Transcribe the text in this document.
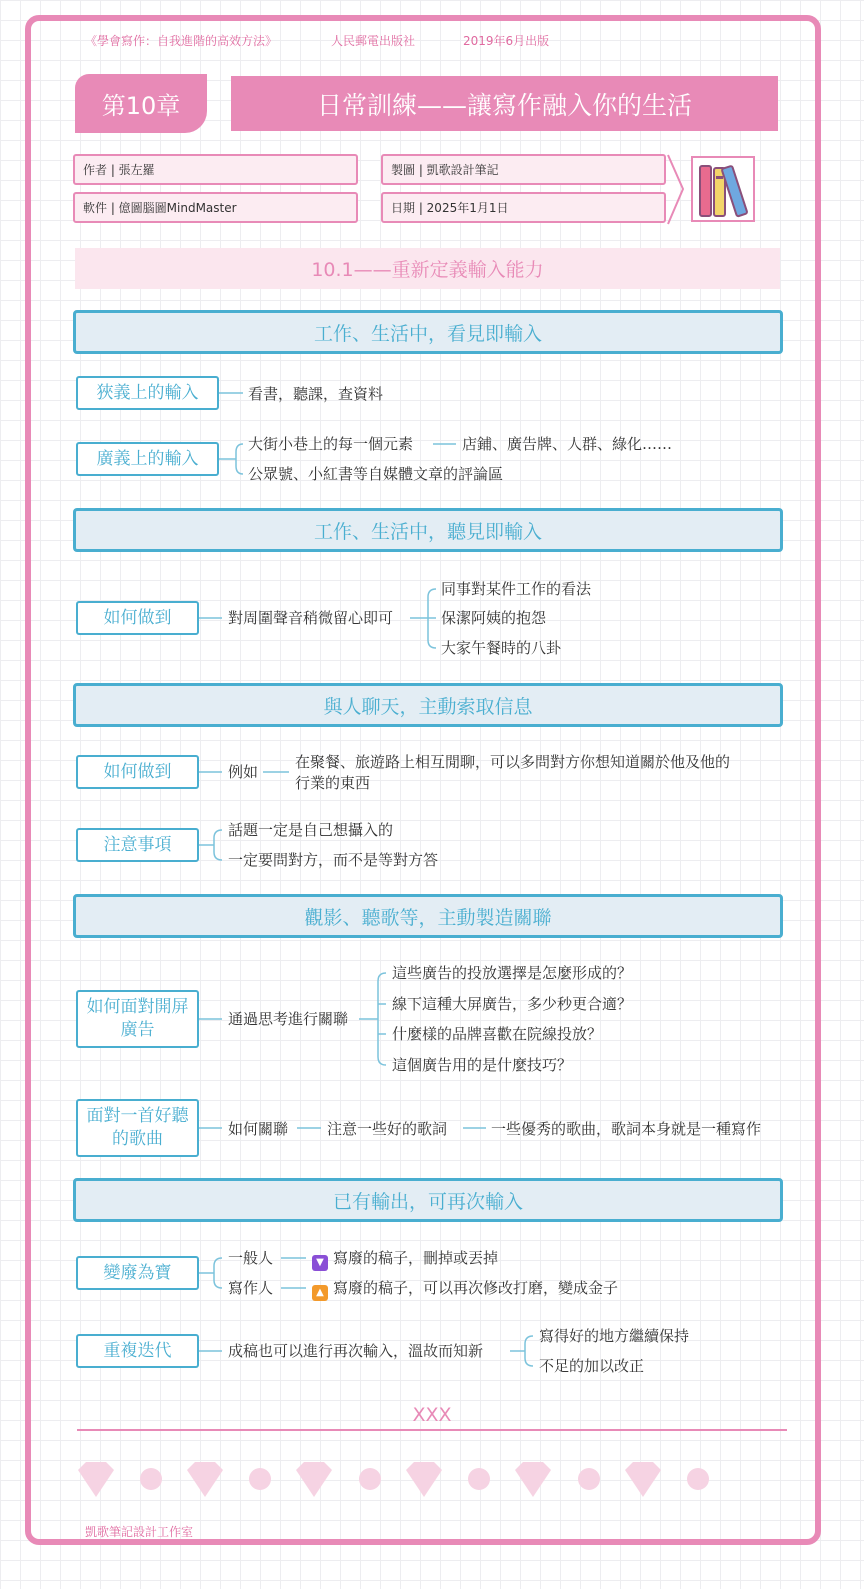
《學會寫作：自我進階的高效方法》	人民郵電出版社	2019年6月出版
第10章	日常訓練——讓寫作融入你的生活
作者 | 張左羅	製圖 | 凱歌設計筆記
軟件 | 億圖腦圖MindMaster	日期 | 2025年1月1日
10.1——重新定義輸入能力
工作、生活中，看見即輸入
狹義上的輸入	看書，聽課，查資料
廣義上的輸入
大街小巷上的每一個元素	店鋪、廣告牌、人群、綠化……
公眾號、小紅書等自媒體文章的評論區
工作、生活中，聽見即輸入
如何做到	對周圍聲音稍微留心即可
同事對某件工作的看法
保潔阿姨的抱怨
大家午餐時的八卦
與人聊天，主動索取信息
如何做到	例如
在聚餐、旅遊路上相互閒聊，可以多問對方你想知道關於他及他的
行業的東西
注意事項
話題一定是自己想攝入的
一定要問對方，而不是等對方答
觀影、聽歌等，主動製造關聯
如何面對開屏廣告
通過思考進行關聯
這些廣告的投放選擇是怎麼形成的？
線下這種大屏廣告，多少秒更合適？
什麼樣的品牌喜歡在院線投放？
這個廣告用的是什麼技巧？
面對一首好聽的歌曲	如何關聯	注意一些好的歌詞	一些優秀的歌曲，歌詞本身就是一種寫作
已有輸出，可再次輸入
變廢為寶
一般人	▼ 寫廢的稿子，刪掉或丟掉
寫作人	▲ 寫廢的稿子，可以再次修改打磨，變成金子
重複迭代	成稿也可以進行再次輸入，溫故而知新
寫得好的地方繼續保持
不足的加以改正
XXX
凱歌筆記設計工作室
